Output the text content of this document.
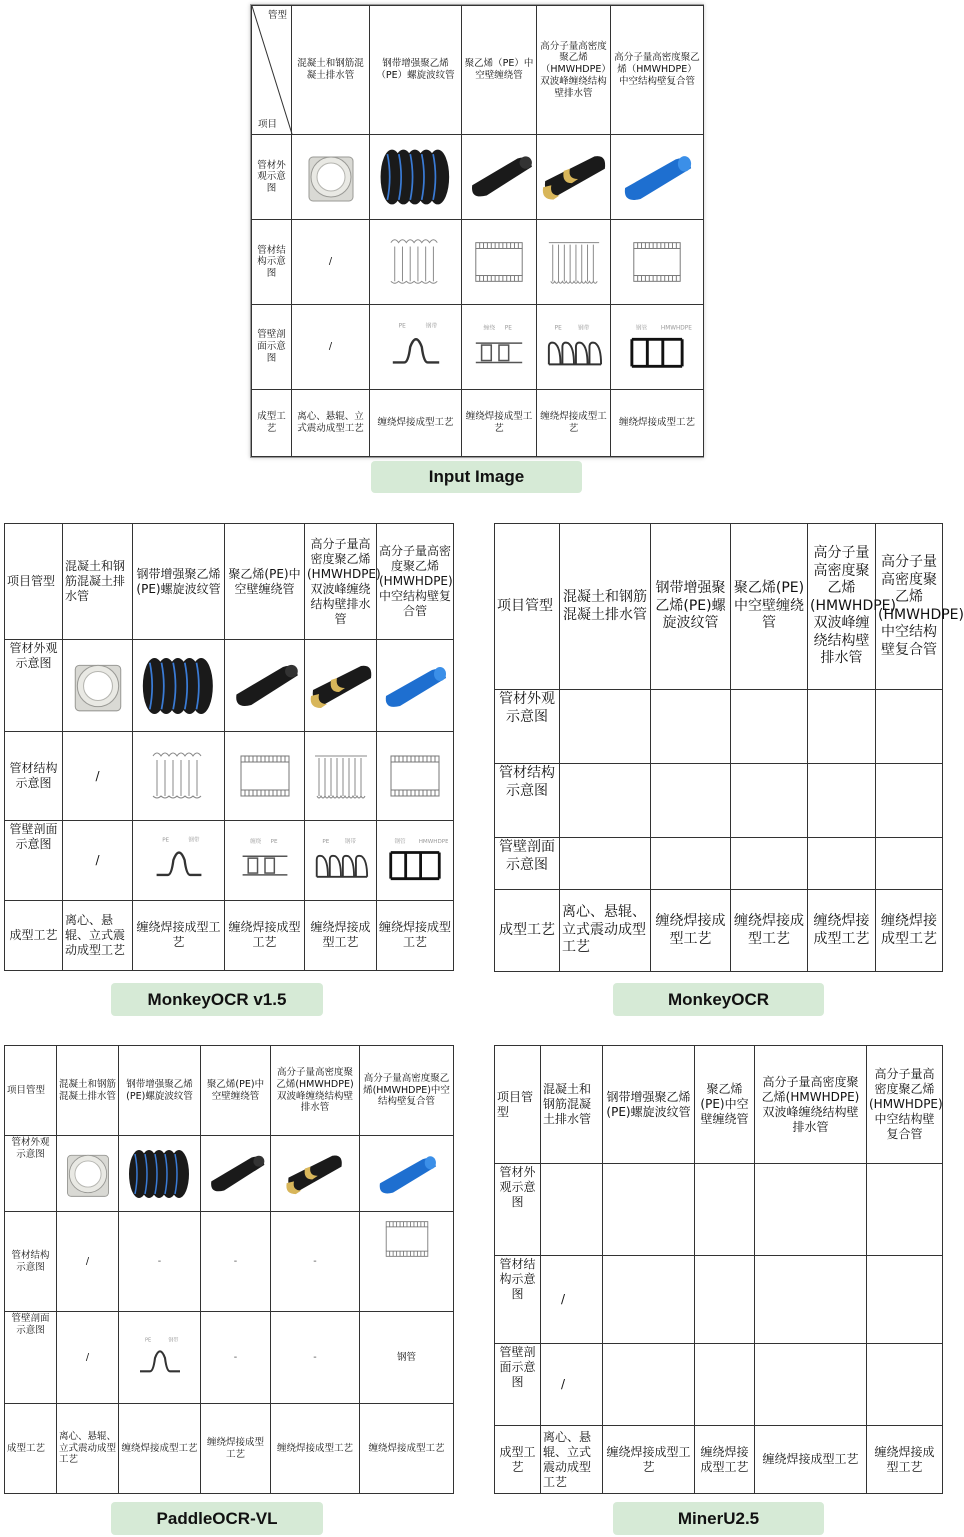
管型
项目	混凝土和钢筋混凝土排水管	钢带增强聚乙烯（PE）螺旋波纹管	聚乙烯（PE）中空壁缠绕管	高分子量高密度聚乙烯（HMWHDPE）双波峰缠绕结构壁排水管	高分子量高密度聚乙烯（HMWHDPE）中空结构壁复合管
管材外观示意图	

管材结构示意图	/	

管壁剖面示意图	/	

成型工艺	离心、悬辊、立式震动成型工艺	缠绕焊接成型工艺	缠绕焊接成型工艺	缠绕焊接成型工艺	缠绕焊接成型工艺
Input Image
项目管型	混凝土和钢筋混凝土排水管	钢带增强聚乙烯(PE)螺旋波纹管	聚乙烯(PE)中空壁缠绕管	高分子量高密度聚乙烯(HMWHDPE)双波峰缠绕结构壁排水管	高分子量高密度聚乙烯(HMWHDPE)中空结构壁复合管
管材外观示意图	

管材结构示意图	/	

管壁剖面示意图	/	

成型工艺	离心、悬辊、立式震动成型工艺	缠绕焊接成型工艺	缠绕焊接成型工艺	缠绕焊接成型工艺	缠绕焊接成型工艺
MonkeyOCR v1.5
项目管型	混凝土和钢筋混凝土排水管	钢带增强聚乙烯(PE)螺旋波纹管	聚乙烯(PE)中空壁缠绕管	高分子量高密度聚乙烯(HMWHDPE)双波峰缠绕结构壁排水管	高分子量高密度聚乙烯(HMWHDPE)中空结构壁复合管
管材外观示意图					
管材结构示意图					
管壁剖面示意图					
成型工艺	离心、悬辊、立式震动成型工艺	缠绕焊接成型工艺	缠绕焊接成型工艺	缠绕焊接成型工艺	缠绕焊接成型工艺
MonkeyOCR
项目管型	混凝土和钢筋混凝土排水管	钢带增强聚乙烯(PE)螺旋波纹管	聚乙烯(PE)中空壁缠绕管	高分子量高密度聚乙烯(HMWHDPE)双波峰缠绕结构壁排水管	高分子量高密度聚乙烯(HMWHDPE)中空结构壁复合管
管材外观示意图	

管材结构示意图	/	-	-	-	

管壁剖面示意图	/		-	-	钢管
成型工艺	离心、悬辊、立式震动成型工艺	缠绕焊接成型工艺	缠绕焊接成型工艺	缠绕焊接成型工艺	缠绕焊接成型工艺
PaddleOCR-VL
项目管型	混凝土和钢筋混凝土排水管	钢带增强聚乙烯(PE)螺旋波纹管	聚乙烯(PE)中空壁缠绕管	高分子量高密度聚乙烯(HMWHDPE)双波峰缠绕结构壁排水管	高分子量高密度聚乙烯(HMWHDPE)中空结构壁复合管
管材外观示意图					
管材结构示意图	/				
管壁剖面示意图	/				
成型工艺	离心、悬辊、立式震动成型工艺	缠绕焊接成型工艺	缠绕焊接成型工艺	缠绕焊接成型工艺	缠绕焊接成型工艺
MinerU2.5
